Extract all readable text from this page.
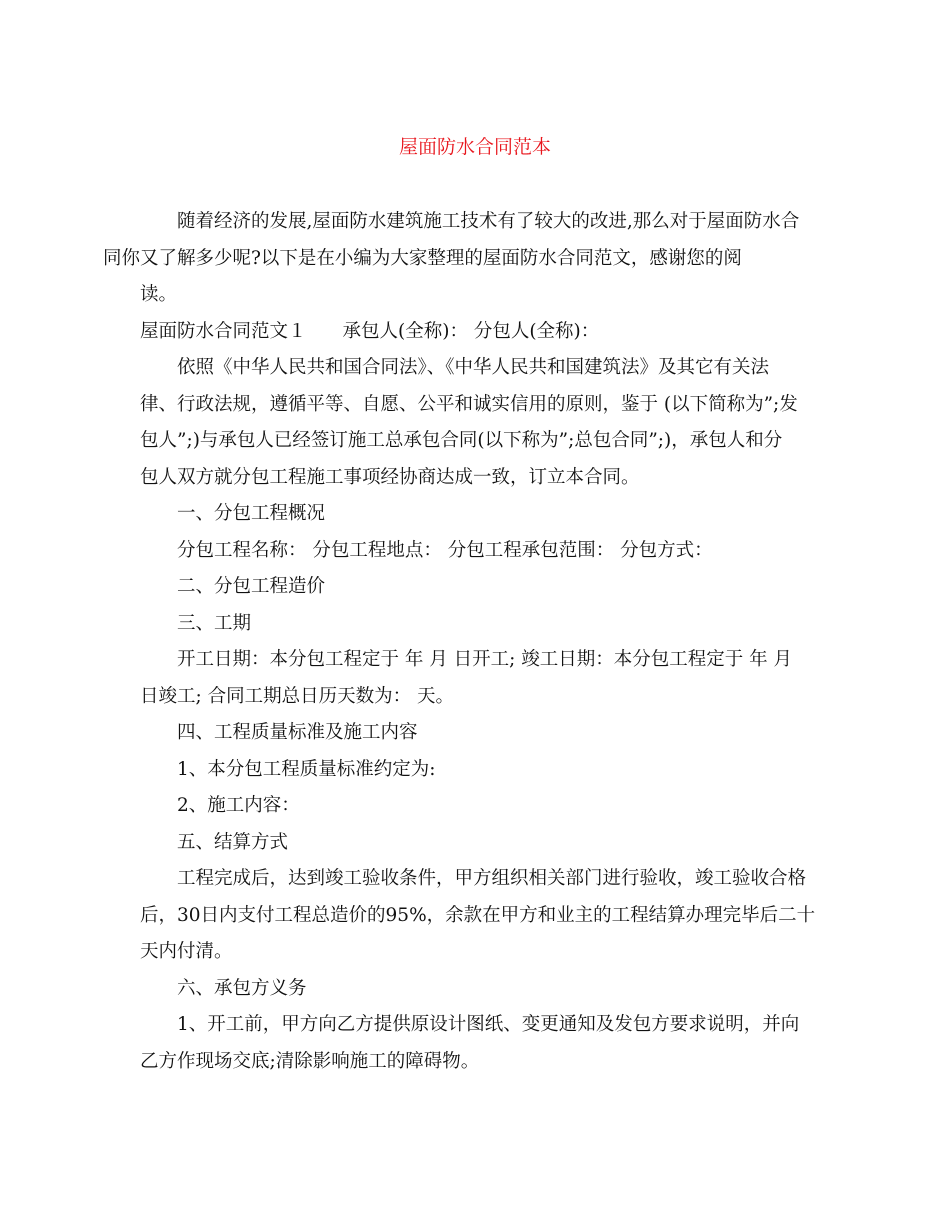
屋面防水合同范本
随着经济的发展,屋面防水建筑施工技术有了较大的改进,那么对于屋面防水合
同你又了解多少呢?以下是在小编为大家整理的屋面防水合同范文，感谢您的阅
读。
屋面防水合同范文１ 承包人(全称)： 分包人(全称)：
依照《中华人民共和国合同法》、《中华人民共和国建筑法》及其它有关法
律、行政法规，遵循平等、自愿、公平和诚实信用的原则，鉴于 (以下简称为”;发
包人”;)与承包人已经签订施工总承包合同(以下称为”;总包合同”;)，承包人和分
包人双方就分包工程施工事项经协商达成一致，订立本合同。
一、分包工程概况
分包工程名称： 分包工程地点： 分包工程承包范围： 分包方式：
二、分包工程造价
三、工期
开工日期：本分包工程定于 年 月 日开工; 竣工日期：本分包工程定于 年 月
日竣工; 合同工期总日历天数为： 天。
四、工程质量标准及施工内容
1、本分包工程质量标准约定为:
2、施工内容：
五、结算方式
工程完成后，达到竣工验收条件，甲方组织相关部门进行验收，竣工验收合格
后，30日内支付工程总造价的95%，余款在甲方和业主的工程结算办理完毕后二十
天内付清。
六、承包方义务
1、开工前，甲方向乙方提供原设计图纸、变更通知及发包方要求说明，并向
乙方作现场交底;清除影响施工的障碍物。
